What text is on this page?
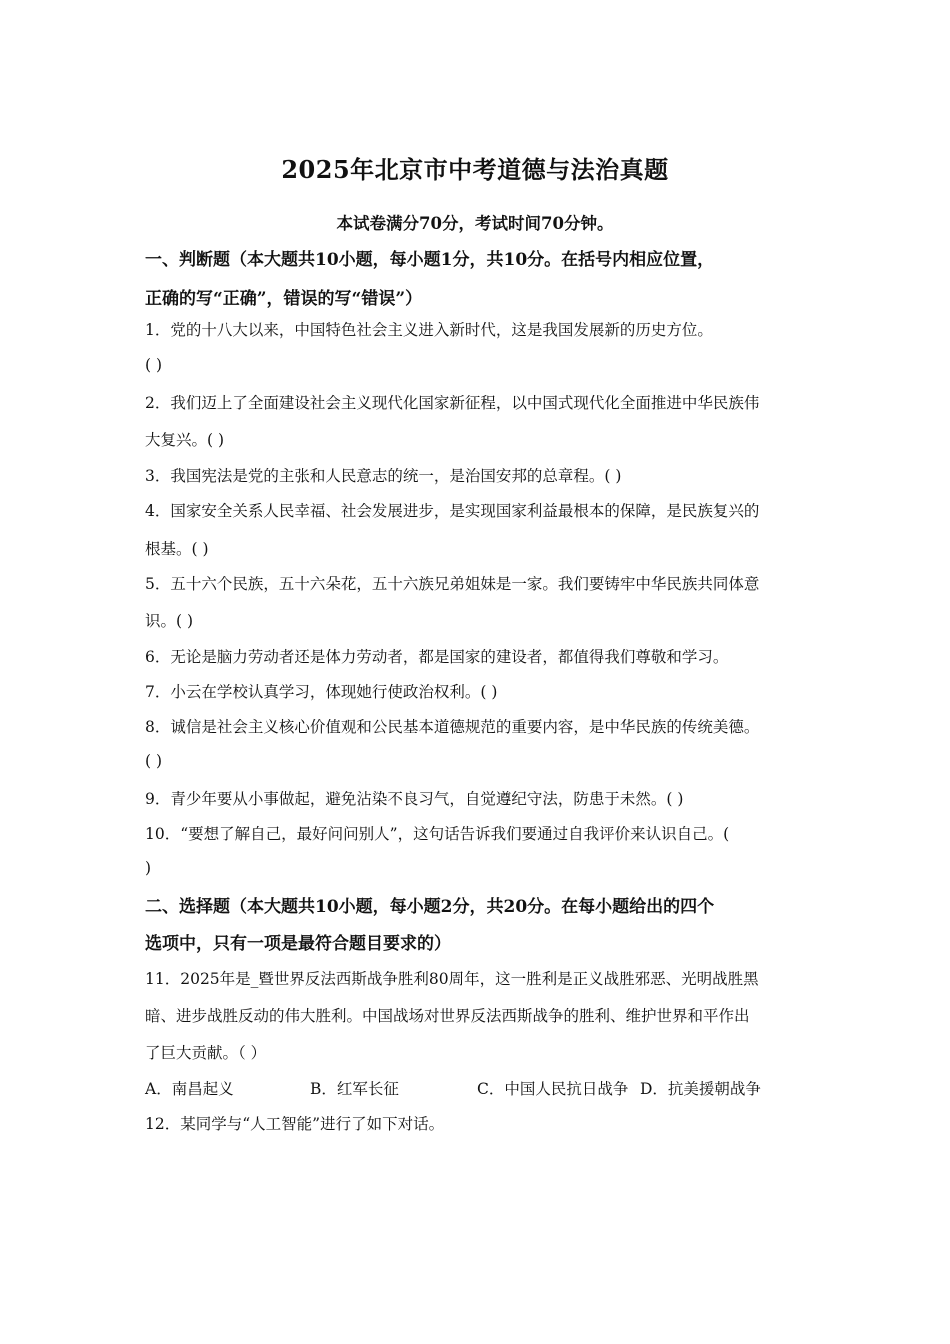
2025年北京市中考道德与法治真题
本试卷满分70分，考试时间70分钟。
一、判断题（本大题共10小题，每小题1分，共10分。在括号内相应位置，
正确的写“正确”，错误的写“错误”）
1．党的十八大以来，中国特色社会主义进入新时代，这是我国发展新的历史方位。
( )
2．我们迈上了全面建设社会主义现代化国家新征程，以中国式现代化全面推进中华民族伟
大复兴。( )
3．我国宪法是党的主张和人民意志的统一，是治国安邦的总章程。( )
4．国家安全关系人民幸福、社会发展进步，是实现国家利益最根本的保障，是民族复兴的
根基。( )
5．五十六个民族，五十六朵花，五十六族兄弟姐妹是一家。我们要铸牢中华民族共同体意
识。( )
6．无论是脑力劳动者还是体力劳动者，都是国家的建设者，都值得我们尊敬和学习。
7．小云在学校认真学习，体现她行使政治权利。( )
8．诚信是社会主义核心价值观和公民基本道德规范的重要内容，是中华民族的传统美德。
( )
9．青少年要从小事做起，避免沾染不良习气，自觉遵纪守法，防患于未然。( )
10．“要想了解自己，最好问问别人”，这句话告诉我们要通过自我评价来认识自己。(
)
二、选择题（本大题共10小题，每小题2分，共20分。在每小题给出的四个
选项中，只有一项是最符合题目要求的）
11．2025年是_暨世界反法西斯战争胜利80周年，这一胜利是正义战胜邪恶、光明战胜黑
暗、进步战胜反动的伟大胜利。中国战场对世界反法西斯战争的胜利、维护世界和平作出
了巨大贡献。（ ）
A．南昌起义	B．红军长征	C．中国人民抗日战争 D．抗美援朝战争
12．某同学与“人工智能”进行了如下对话。
